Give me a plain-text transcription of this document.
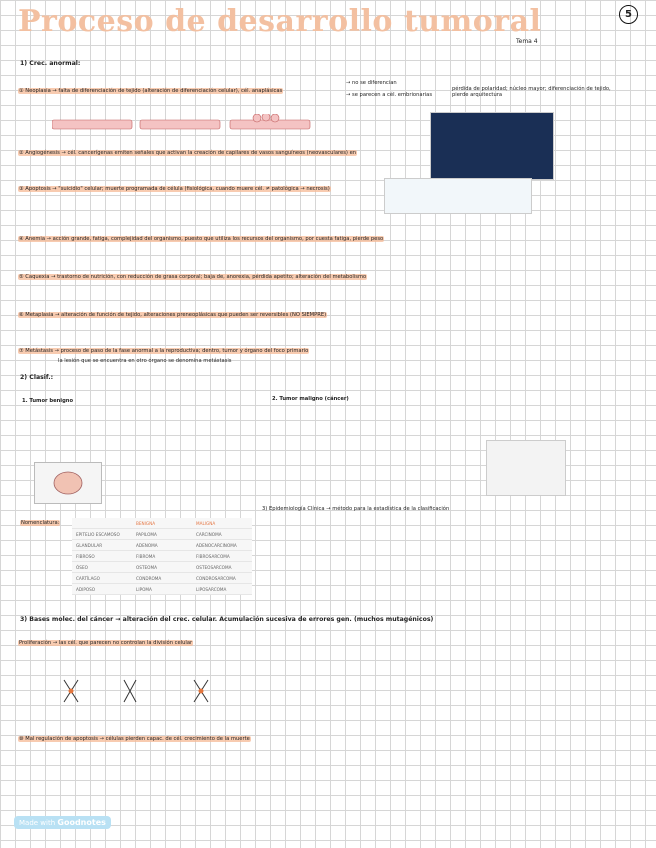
Proceso de desarrollo tumoral
Tema 4
5
1) Crec. anormal:
① Neoplasia → falta de diferenciación de tejido (alteración de diferenciación celular), cél. anaplásicas
→ no se diferencian
→ se parecen a cél. embrionarias
pérdida de polaridad; núcleo mayor; diferenciación de tejido, pierde arquitectura
② Angiogénesis → cél. cancerígenas emiten señales que activan la creación de capilares de vasos sanguíneos (neovasculares) en
③ Apoptosis → "suicidio" celular; muerte programada de célula (fisiológica, cuando muere cél. ≠ patológica → necrosis)
④ Anemia → acción grande, fatiga, complejidad del organismo, puesto que utiliza los recursos del organismo, por cuesta fatiga, pierde peso
⑤ Caquexia → trastorno de nutrición, con reducción de grasa corporal; baja de, anorexia, pérdida apetito; alteración del metabolismo
⑥ Metaplasia → alteración de función de tejido, alteraciones preneoplásicas que pueden ser reversibles (NO SIEMPRE)
⑦ Metástasis → proceso de paso de la fase anormal a la reproductiva; dentro, tumor y órgano del foco primario
la lesión que se encuentra en otro órgano se denomina metástasis
2) Clasif.:
1. Tumor benigno	2. Tumor maligno (cáncer)
3) Epidemiología Clínica → método para la estadística de la clasificación
Nomenclatura:
		BENIGNA	MALIGNA
EPITELIO ESCAMOSO	PAPILOMA	CARCINOMA
GLANDULAR	ADENOMA	ADENOCARCINOMA
FIBROSO	FIBROMA	FIBROSARCOMA
ÓSEO	OSTEOMA	OSTEOSARCOMA
CARTÍLAGO	CONDROMA	CONDROSARCOMA
ADIPOSO	LIPOMA	LIPOSARCOMA
3) Bases molec. del cáncer → alteración del crec. celular. Acumulación sucesiva de errores gen. (muchos mutagénicos)
Proliferación → las cél. que parecen no controlan la división celular
⑩ Mal regulación de apoptosis → células pierden capac. de cél. crecimiento de la muerte
Made with Goodnotes
